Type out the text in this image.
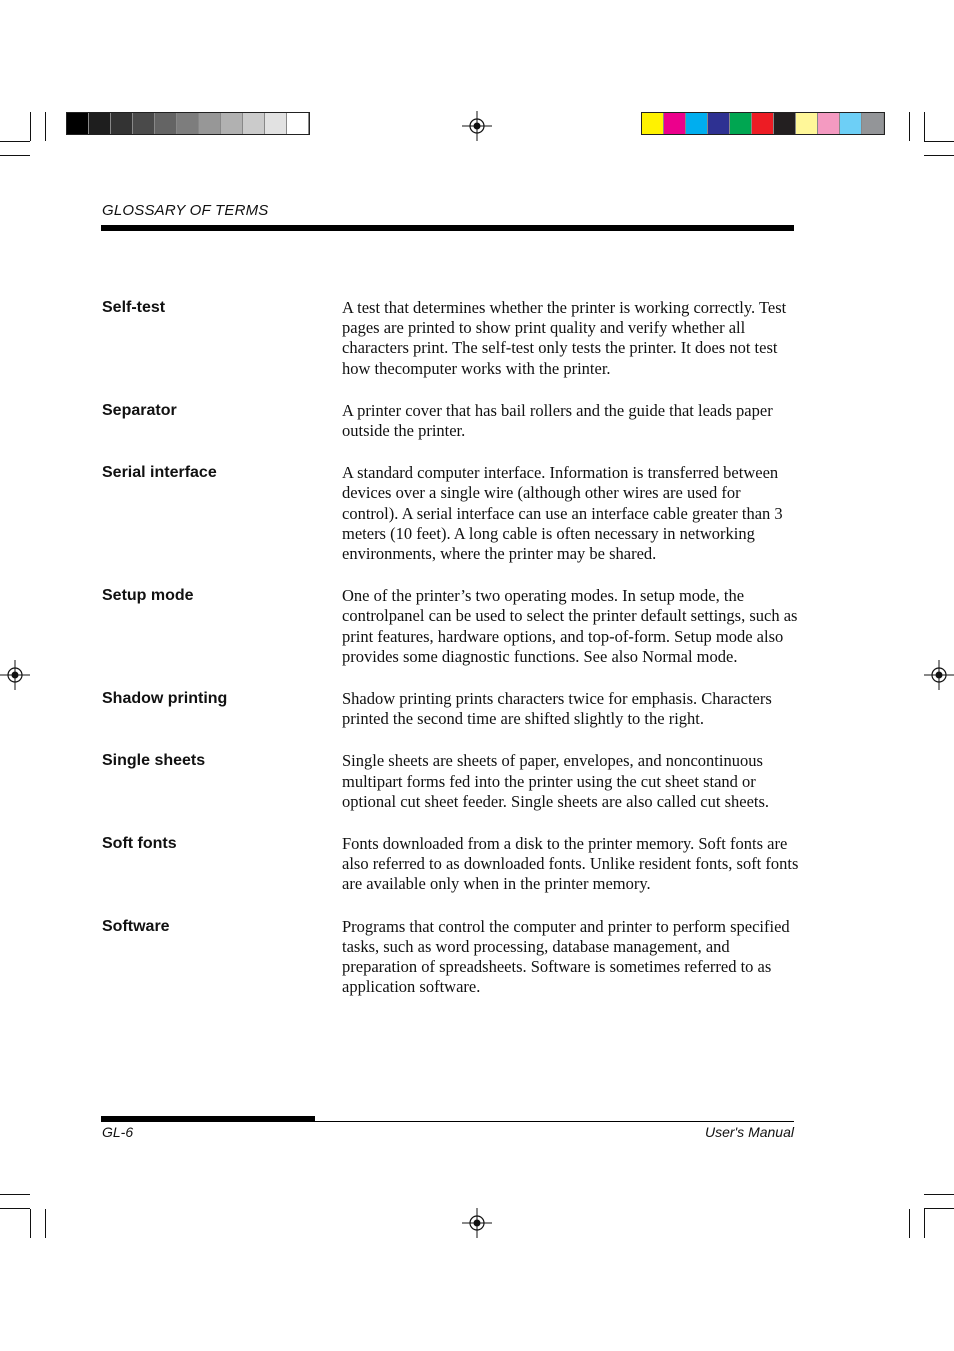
GLOSSARY OF TERMS
Self-test	A test that determines whether the printer is working correctly. Test pages are printed to show print quality and verify whether all characters print. The self-test only tests the printer. It does not test how thecomputer works with the printer.
Separator	A printer cover that has bail rollers and the guide that leads paper outside the printer.
Serial interface	A standard computer interface. Information is transferred between devices over a single wire (although other wires are used for control). A serial interface can use an interface cable greater than 3 meters (10 feet). A long cable is often necessary in networking environments, where the printer may be shared.
Setup mode	One of the printer’s two operating modes. In setup mode, the controlpanel can be used to select the printer default settings, such as print features, hardware options, and top-of-form. Setup mode also provides some diagnostic functions. See also Normal mode.
Shadow printing	Shadow printing prints characters twice for emphasis. Characters printed the second time are shifted slightly to the right.
Single sheets	Single sheets are sheets of paper, envelopes, and noncontinuous multipart forms fed into the printer using the cut sheet stand or optional cut sheet feeder. Single sheets are also called cut sheets.
Soft fonts	Fonts downloaded from a disk to the printer memory. Soft fonts are also referred to as downloaded fonts. Unlike resident fonts, soft fonts are available only when in the printer memory.
Software	Programs that control the computer and printer to perform specified tasks, such as word processing, database management, and preparation of spreadsheets. Software is sometimes referred to as application software.
GL-6	User's Manual
